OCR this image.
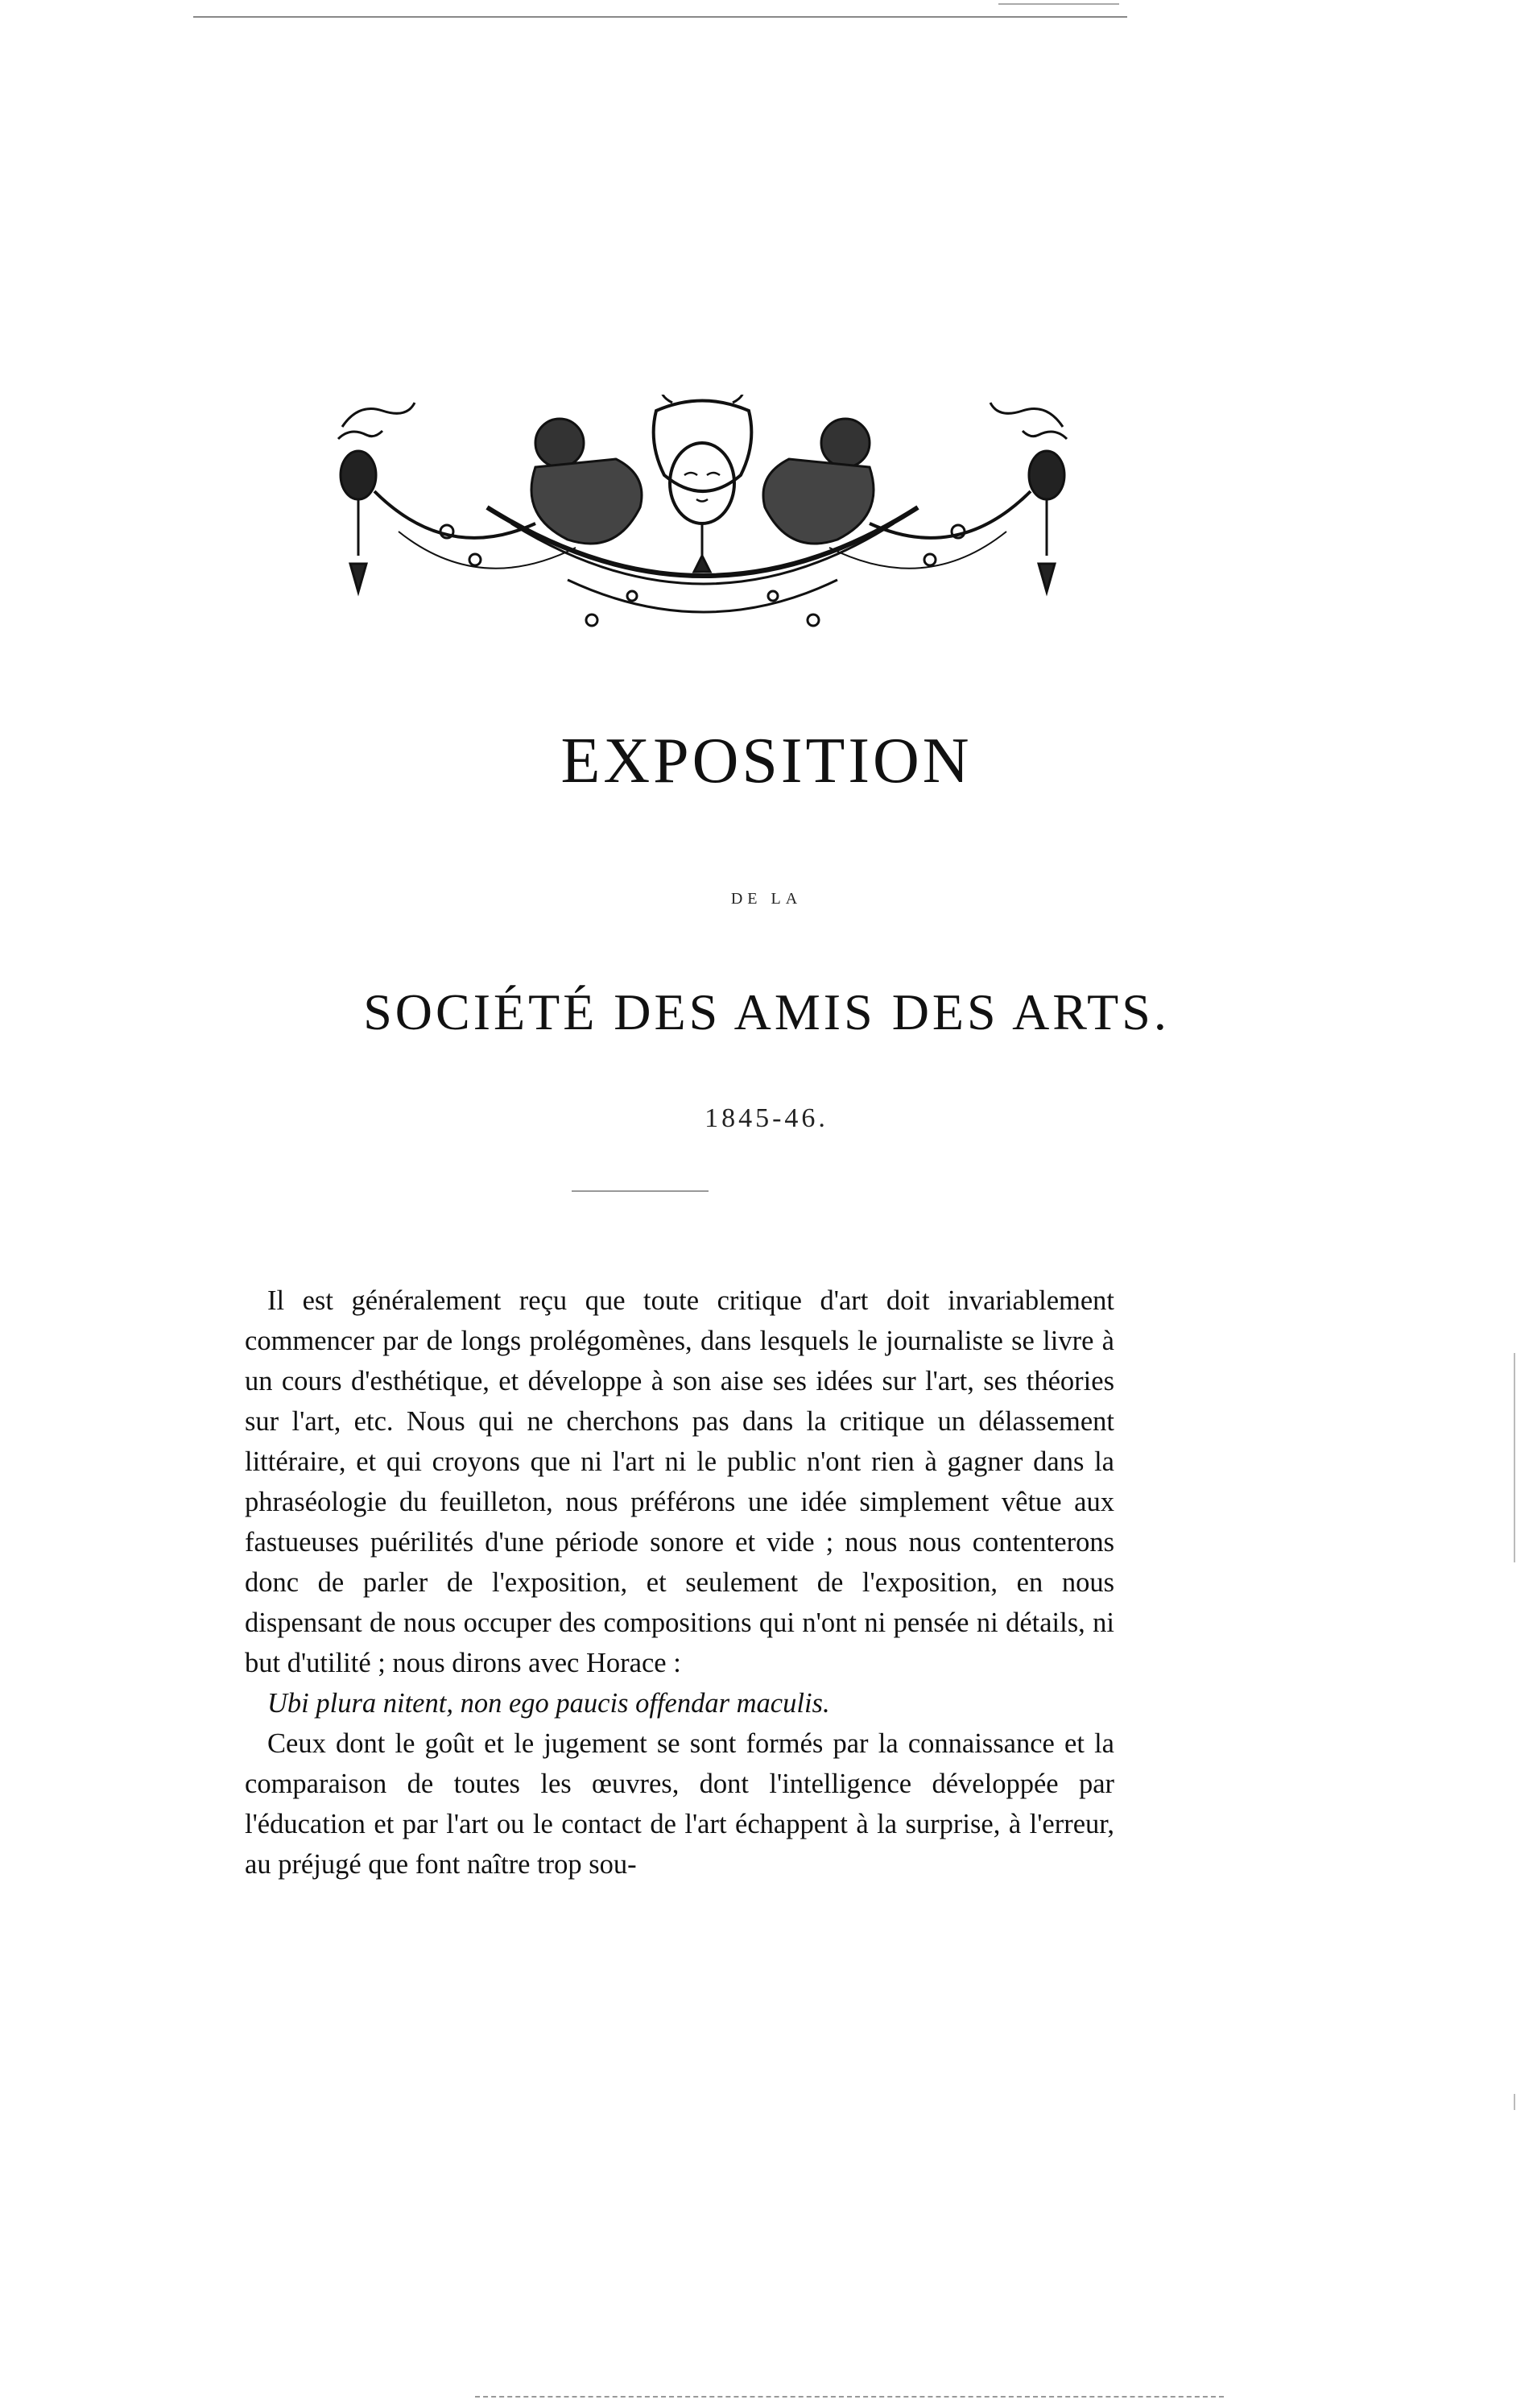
EXPOSITION
DE LA
SOCIÉTÉ DES AMIS DES ARTS.
1845-46.

Il est généralement reçu que toute critique d'art doit invariablement commencer par de longs prolégomènes, dans lesquels le journaliste se livre à un cours d'esthétique, et développe à son aise ses idées sur l'art, ses théories sur l'art, etc. Nous qui ne cherchons pas dans la critique un délassement littéraire, et qui croyons que ni l'art ni le public n'ont rien à gagner dans la phraséologie du feuilleton, nous préférons une idée simplement vêtue aux fastueuses puérilités d'une période sonore et vide ; nous nous contenterons donc de parler de l'exposition, et seulement de l'exposition, en nous dispensant de nous occuper des compositions qui n'ont ni pensée ni détails, ni but d'utilité ; nous dirons avec Horace :

Ubi plura nitent, non ego paucis offendar maculis.

Ceux dont le goût et le jugement se sont formés par la connaissance et la comparaison de toutes les œuvres, dont l'intelligence développée par l'éducation et par l'art ou le contact de l'art échappent à la surprise, à l'erreur, au préjugé que font naître trop sou-
